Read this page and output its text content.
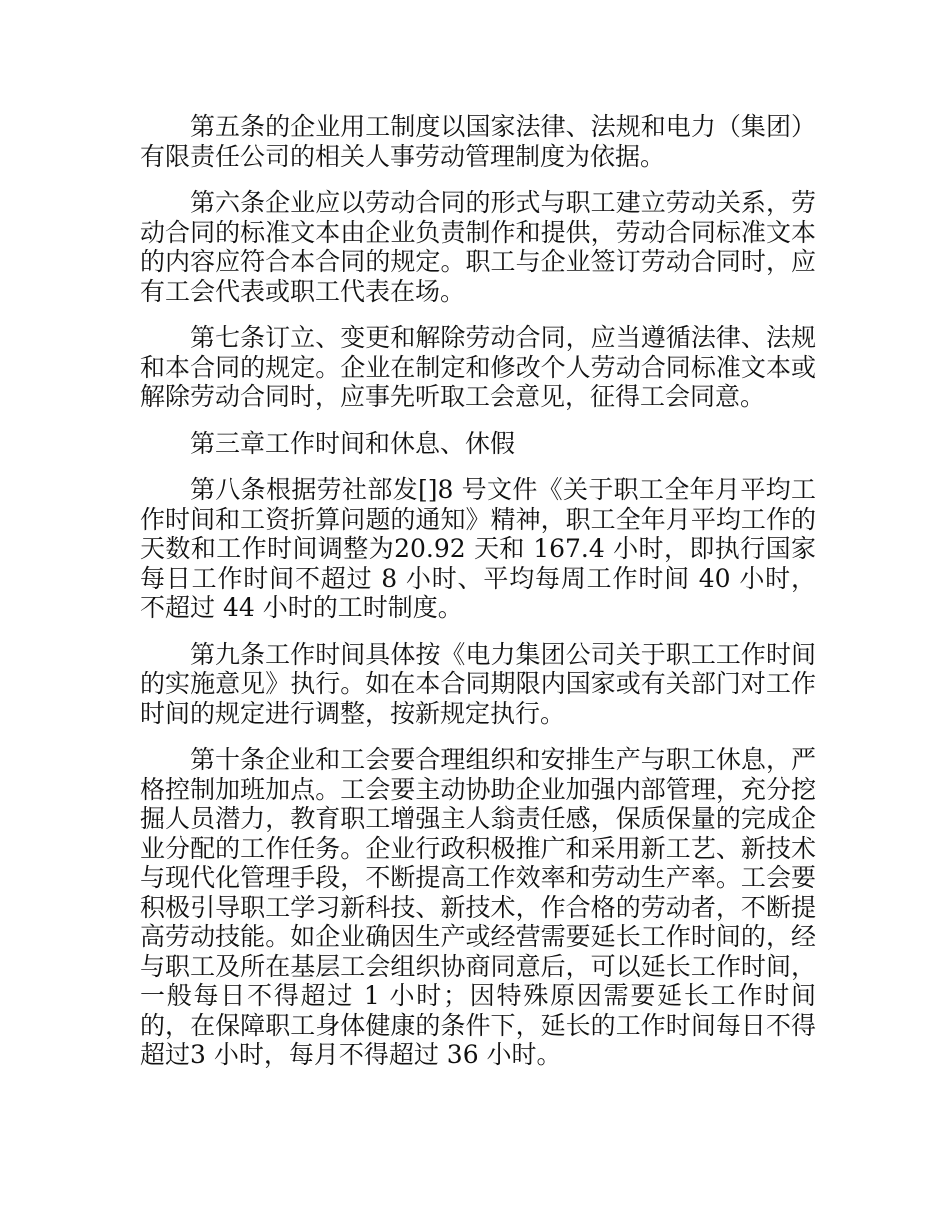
第五条的企业用工制度以国家法律、法规和电力（集团）有限责任公司的相关人事劳动管理制度为依据。

第六条企业应以劳动合同的形式与职工建立劳动关系，劳动合同的标准文本由企业负责制作和提供，劳动合同标准文本的内容应符合本合同的规定。职工与企业签订劳动合同时，应有工会代表或职工代表在场。

第七条订立、变更和解除劳动合同，应当遵循法律、法规和本合同的规定。企业在制定和修改个人劳动合同标准文本或解除劳动合同时，应事先听取工会意见，征得工会同意。

第三章工作时间和休息、休假

第八条根据劳社部发[]8 号文件《关于职工全年月平均工作时间和工资折算问题的通知》精神，职工全年月平均工作的天数和工作时间调整为20.92 天和 167.4 小时，即执行国家每日工作时间不超过 8 小时、平均每周工作时间 40 小时，不超过 44 小时的工时制度。

第九条工作时间具体按《电力集团公司关于职工工作时间的实施意见》执行。如在本合同期限内国家或有关部门对工作时间的规定进行调整，按新规定执行。

第十条企业和工会要合理组织和安排生产与职工休息，严格控制加班加点。工会要主动协助企业加强内部管理，充分挖掘人员潜力，教育职工增强主人翁责任感，保质保量的完成企业分配的工作任务。企业行政积极推广和采用新工艺、新技术与现代化管理手段，不断提高工作效率和劳动生产率。工会要积极引导职工学习新科技、新技术，作合格的劳动者，不断提高劳动技能。如企业确因生产或经营需要延长工作时间的，经与职工及所在基层工会组织协商同意后，可以延长工作时间，一般每日不得超过 1 小时；因特殊原因需要延长工作时间的，在保障职工身体健康的条件下，延长的工作时间每日不得超过3 小时，每月不得超过 36 小时。
